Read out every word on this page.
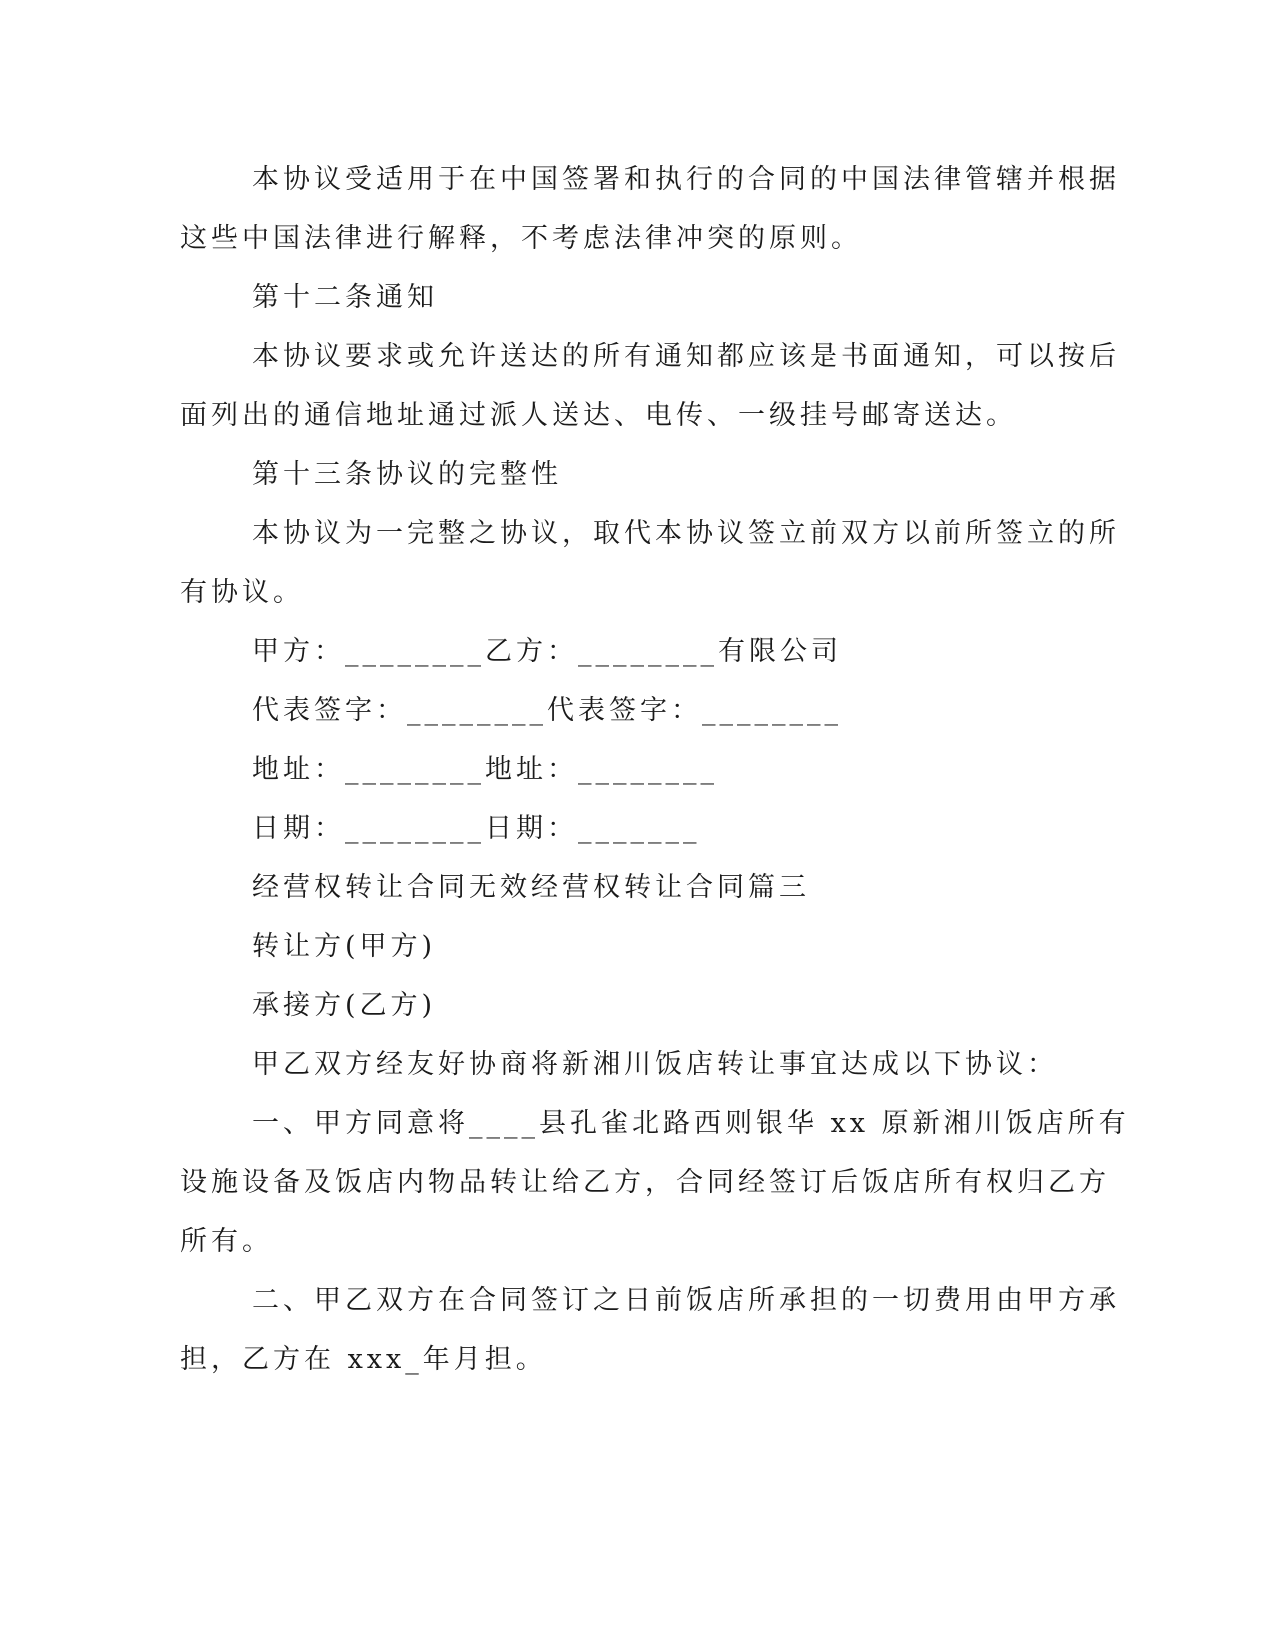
本协议受适用于在中国签署和执行的合同的中国法律管辖并根据
这些中国法律进行解释，不考虑法律冲突的原则。
第十二条通知
本协议要求或允许送达的所有通知都应该是书面通知，可以按后
面列出的通信地址通过派人送达、电传、一级挂号邮寄送达。
第十三条协议的完整性
本协议为一完整之协议，取代本协议签立前双方以前所签立的所
有协议。
甲方：________乙方：________有限公司
代表签字：________代表签字：________
地址：________地址：________
日期：________日期：_______
经营权转让合同无效经营权转让合同篇三
转让方(甲方)
承接方(乙方)
甲乙双方经友好协商将新湘川饭店转让事宜达成以下协议：
一、甲方同意将____县孔雀北路西则银华 xx 原新湘川饭店所有
设施设备及饭店内物品转让给乙方，合同经签订后饭店所有权归乙方
所有。
二、甲乙双方在合同签订之日前饭店所承担的一切费用由甲方承
担，乙方在 xxx_年月担。
